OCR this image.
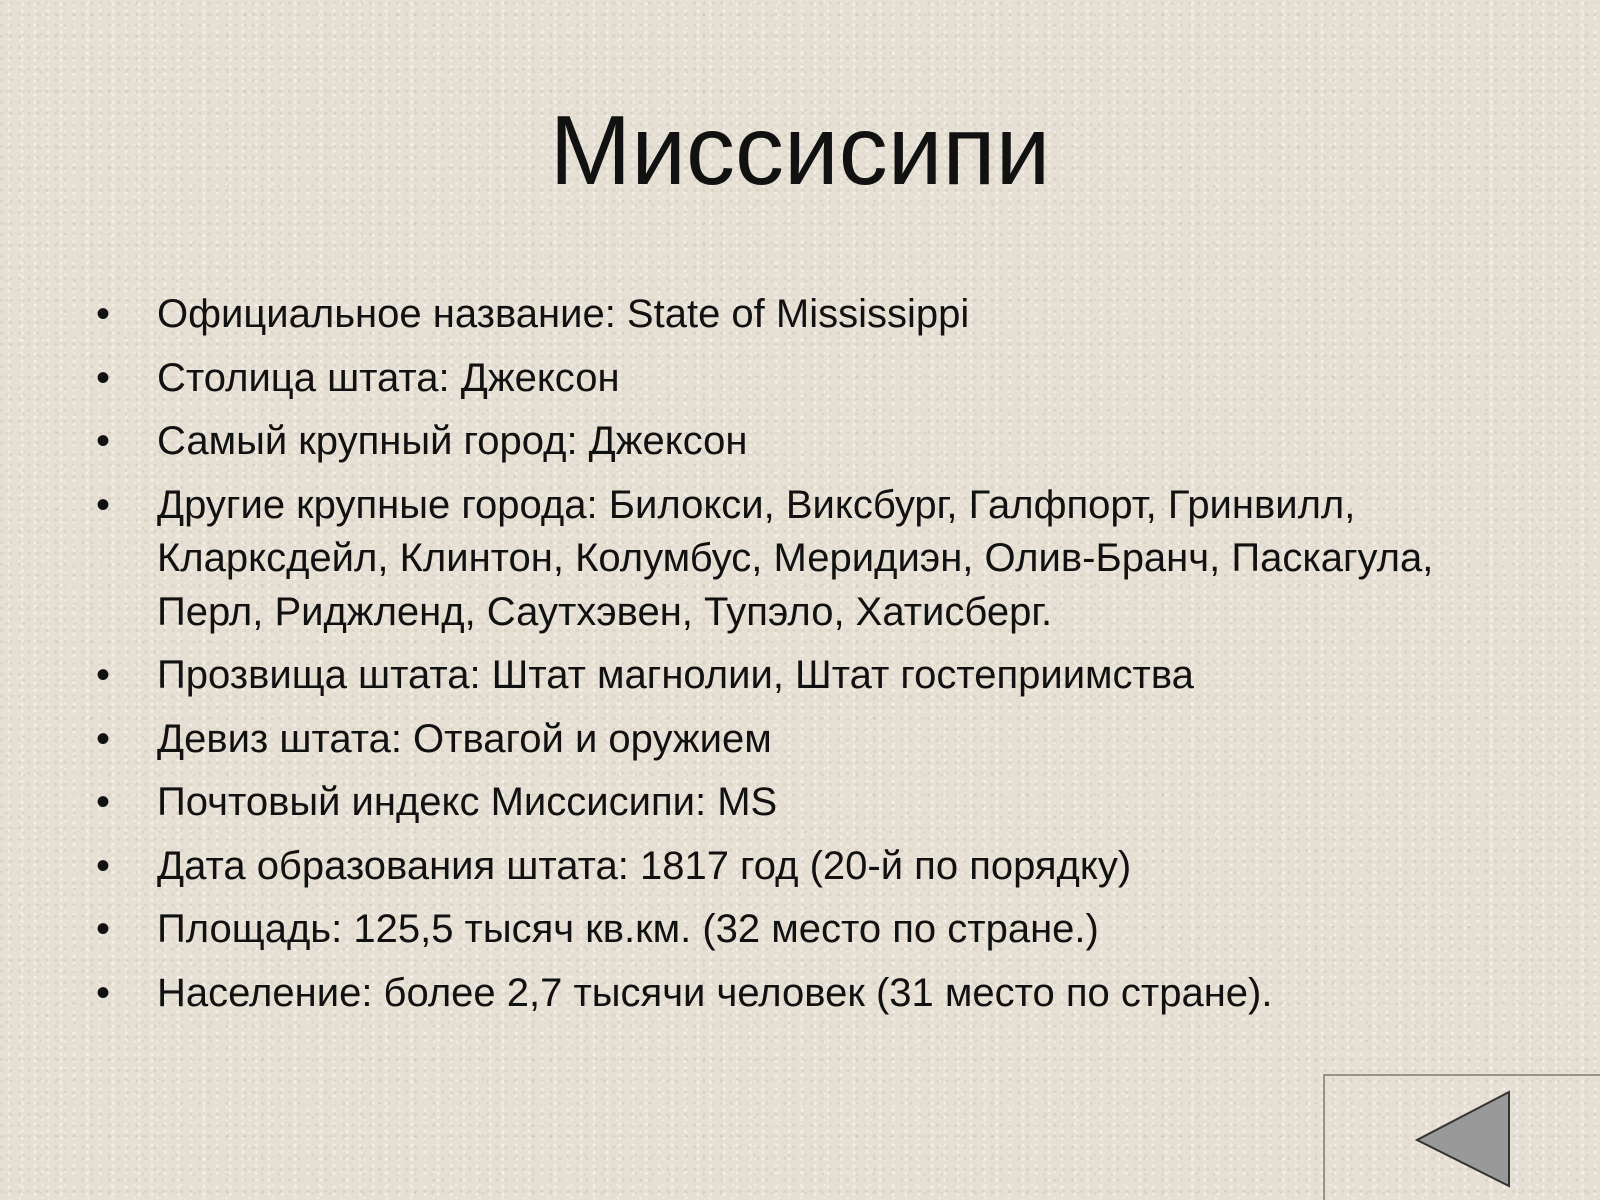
Миссисипи
• Официальное название: State of Mississippi
• Столица штата: Джексон
• Самый крупный город: Джексон
• Другие крупные города: Билокси, Виксбург, Галфпорт, Гринвилл, Кларксдейл, Клинтон, Колумбус, Меридиэн, Олив-Бранч, Паскагула, Перл, Риджленд, Саутхэвен, Тупэло, Хатисберг.
• Прозвища штата: Штат магнолии, Штат гостеприимства
• Девиз штата: Отвагой и оружием
• Почтовый индекс Миссисипи: MS
• Дата образования штата: 1817 год (20-й по порядку)
• Площадь: 125,5 тысяч кв.км. (32 место по стране.)
• Население: более 2,7 тысячи человек (31 место по стране).
